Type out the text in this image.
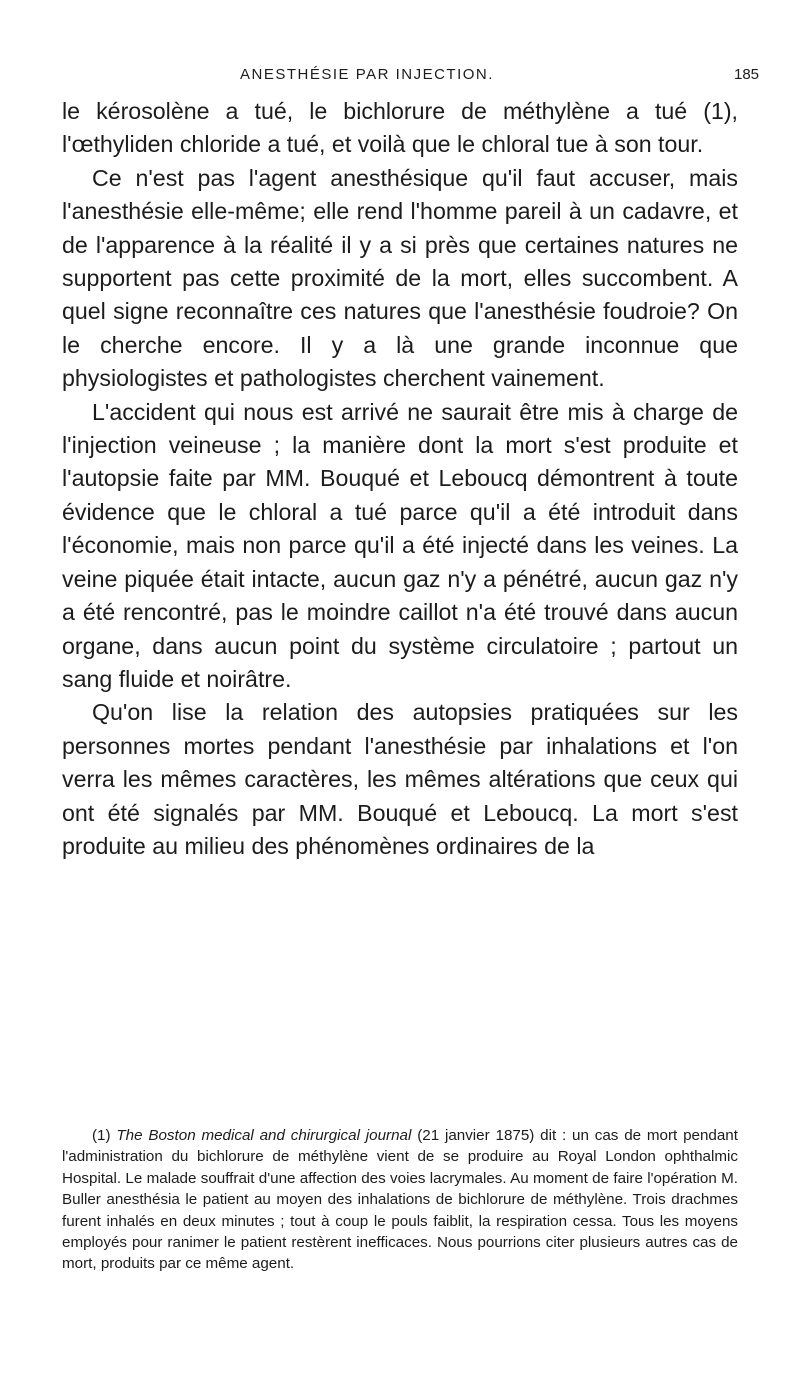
ANESTHÉSIE PAR INJECTION.	185

le kérosolène a tué, le bichlorure de méthylène a tué (1), l'œthyliden chloride a tué, et voilà que le chloral tue à son tour.

Ce n'est pas l'agent anesthésique qu'il faut accuser, mais l'anesthésie elle-même; elle rend l'homme pareil à un cadavre, et de l'apparence à la réalité il y a si près que certaines natures ne supportent pas cette proximité de la mort, elles succombent. A quel signe reconnaître ces natures que l'anesthésie foudroie? On le cherche encore. Il y a là une grande inconnue que physiologistes et pathologistes cherchent vainement.

L'accident qui nous est arrivé ne saurait être mis à charge de l'injection veineuse ; la manière dont la mort s'est produite et l'autopsie faite par MM. Bouqué et Leboucq démontrent à toute évidence que le chloral a tué parce qu'il a été introduit dans l'économie, mais non parce qu'il a été injecté dans les veines. La veine piquée était intacte, aucun gaz n'y a pénétré, aucun gaz n'y a été rencontré, pas le moindre caillot n'a été trouvé dans aucun organe, dans aucun point du système circulatoire ; partout un sang fluide et noirâtre.

Qu'on lise la relation des autopsies pratiquées sur les personnes mortes pendant l'anesthésie par inhalations et l'on verra les mêmes caractères, les mêmes altérations que ceux qui ont été signalés par MM. Bouqué et Leboucq. La mort s'est produite au milieu des phénomènes ordinaires de la

(1) The Boston medical and chirurgical journal (21 janvier 1875) dit : un cas de mort pendant l'administration du bichlorure de méthylène vient de se produire au Royal London ophthalmic Hospital. Le malade souffrait d'une affection des voies lacrymales. Au moment de faire l'opération M. Buller anesthésia le patient au moyen des inhalations de bichlorure de méthylène. Trois drachmes furent inhalés en deux minutes ; tout à coup le pouls faiblit, la respiration cessa. Tous les moyens employés pour ranimer le patient restèrent inefficaces. Nous pourrions citer plusieurs autres cas de mort, produits par ce même agent.
